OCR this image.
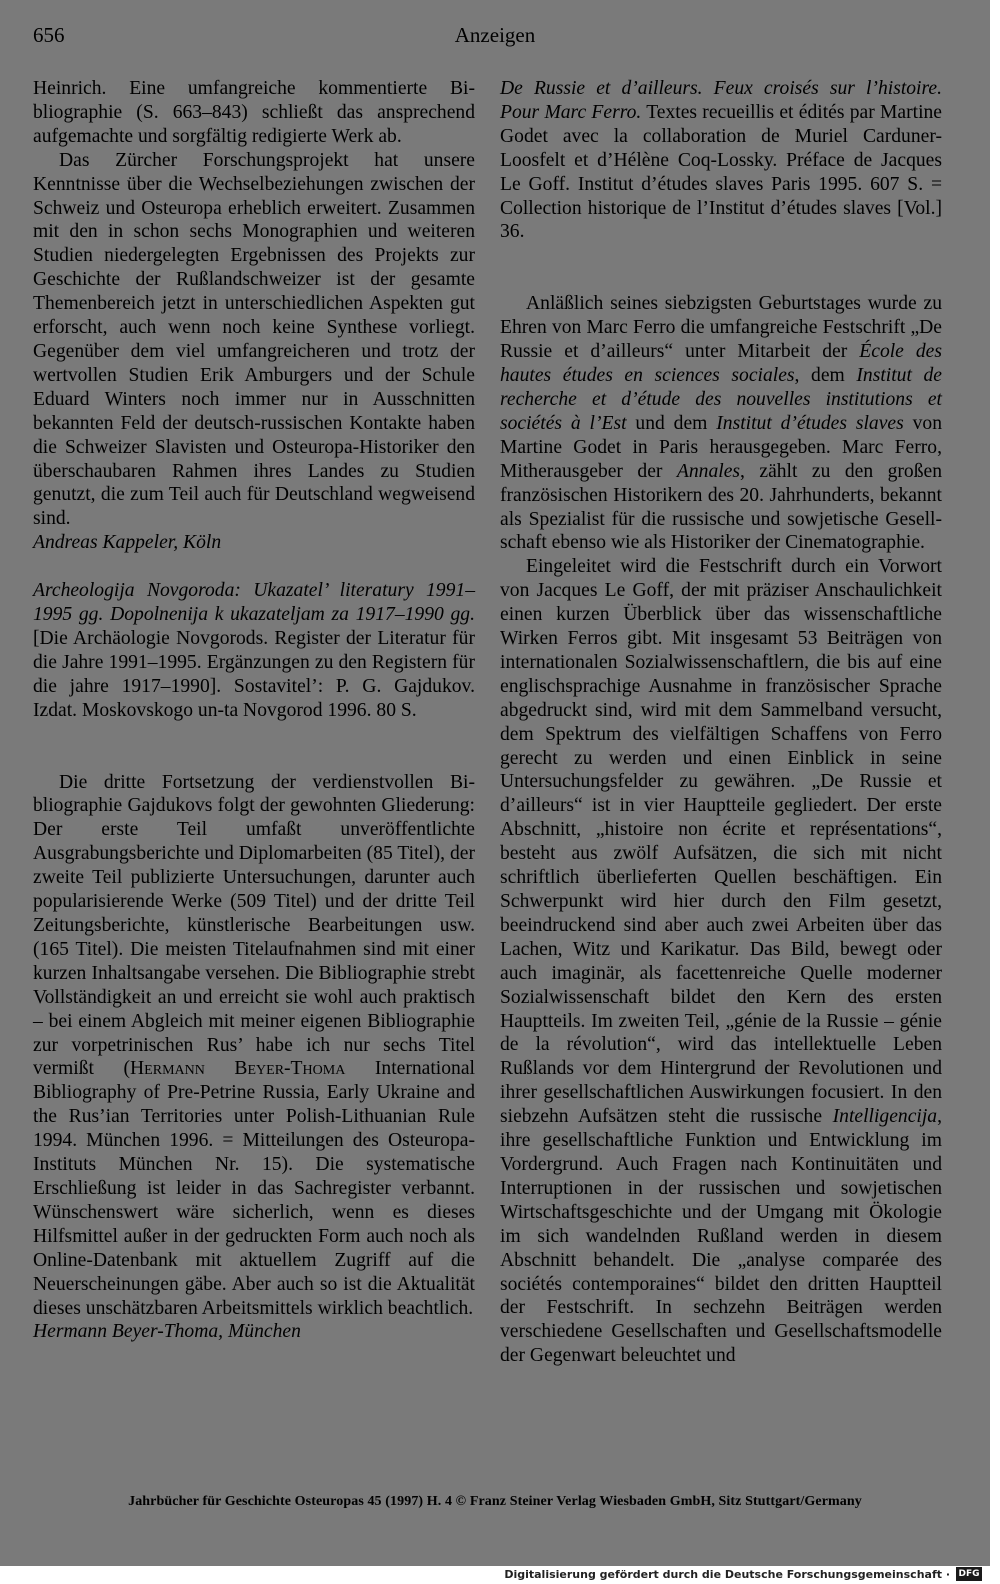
656	Anzeigen

Heinrich. Eine umfangreiche kommentierte Bibliographie (S. 663–843) schließt das ansprechend aufgemachte und sorgfältig redigierte Werk ab.

Das Zürcher Forschungsprojekt hat unsere Kenntnisse über die Wechselbeziehungen zwischen der Schweiz und Osteuropa erheblich erweitert. Zusammen mit den in schon sechs Monographien und weiteren Studien niedergelegten Ergebnissen des Projekts zur Geschichte der Rußlandschweizer ist der gesamte Themenbereich jetzt in unterschiedlichen Aspekten gut erforscht, auch wenn noch keine Synthese vorliegt. Gegenüber dem viel umfangreicheren und trotz der wertvollen Studien Erik Amburgers und der Schule Eduard Winters noch immer nur in Ausschnitten bekannten Feld der deutsch-russischen Kontakte haben die Schweizer Slavisten und Osteuropa-Historiker den überschaubaren Rahmen ihres Landes zu Studien genutzt, die zum Teil auch für Deutschland wegweisend sind.

Andreas Kappeler, Köln

Archeologija Novgoroda: Ukazatel’ literatury 1991–1995 gg. Dopolnenija k ukazateljam za 1917–1990 gg. [Die Archäologie Novgorods. Register der Literatur für die Jahre 1991–1995. Ergänzungen zu den Registern für die jahre 1917–1990]. Sostavitel’: P. G. Gajdukov. Izdat. Moskovskogo un-ta Novgorod 1996. 80 S.

Die dritte Fortsetzung der verdienstvollen Bibliographie Gajdukovs folgt der gewohnten Gliederung: Der erste Teil umfaßt unveröffentlichte Ausgrabungsberichte und Diplomarbeiten (85 Titel), der zweite Teil publizierte Untersuchungen, darunter auch popularisierende Werke (509 Titel) und der dritte Teil Zeitungsberichte, künstlerische Bearbeitungen usw. (165 Titel). Die meisten Titelaufnahmen sind mit einer kurzen Inhaltsangabe versehen. Die Bibliographie strebt Vollständigkeit an und erreicht sie wohl auch praktisch – bei einem Abgleich mit meiner eigenen Bibliographie zur vorpetrinischen Rus’ habe ich nur sechs Titel vermißt (Hermann Beyer-Thoma International Bibliography of Pre-Petrine Russia, Early Ukraine and the Rus’ian Territories unter Polish-Lithuanian Rule 1994. München 1996. = Mitteilungen des Osteuropa-Instituts München Nr. 15). Die systematische Erschließung ist leider in das Sachregister verbannt. Wünschenswert wäre sicherlich, wenn es dieses Hilfsmittel außer in der gedruckten Form auch noch als Online-Datenbank mit aktuellem Zugriff auf die Neuerscheinungen gäbe. Aber auch so ist die Aktualität dieses unschätzbaren Arbeitsmittels wirklich beachtlich.

Hermann Beyer-Thoma, München

De Russie et d’ailleurs. Feux croisés sur l’histoire. Pour Marc Ferro. Textes recueillis et édités par Martine Godet avec la collaboration de Muriel Carduner-Loosfelt et d’Hélène Coq-Lossky. Préface de Jacques Le Goff. Institut d’études slaves Paris 1995. 607 S. = Collection historique de l’Institut d’études slaves [Vol.] 36.

Anläßlich seines siebzigsten Geburtstages wurde zu Ehren von Marc Ferro die umfangreiche Festschrift „De Russie et d’ailleurs“ unter Mitarbeit der École des hautes études en sciences sociales, dem Institut de recherche et d’étude des nouvelles institutions et sociétés à l’Est und dem Institut d’études slaves von Martine Godet in Paris herausgegeben. Marc Ferro, Mitherausgeber der Annales, zählt zu den großen französischen Historikern des 20. Jahrhunderts, bekannt als Spezialist für die russische und sowjetische Gesellschaft ebenso wie als Historiker der Cinematographie.

Eingeleitet wird die Festschrift durch ein Vorwort von Jacques Le Goff, der mit präziser Anschaulichkeit einen kurzen Überblick über das wissenschaftliche Wirken Ferros gibt. Mit insgesamt 53 Beiträgen von internationalen Sozialwissenschaftlern, die bis auf eine englischsprachige Ausnahme in französischer Sprache abgedruckt sind, wird mit dem Sammelband versucht, dem Spektrum des vielfältigen Schaffens von Ferro gerecht zu werden und einen Einblick in seine Untersuchungsfelder zu gewähren. „De Russie et d’ailleurs“ ist in vier Hauptteile gegliedert. Der erste Abschnitt, „histoire non écrite et représentations“, besteht aus zwölf Aufsätzen, die sich mit nicht schriftlich überlieferten Quellen beschäftigen. Ein Schwerpunkt wird hier durch den Film gesetzt, beeindruckend sind aber auch zwei Arbeiten über das Lachen, Witz und Karikatur. Das Bild, bewegt oder auch imaginär, als facettenreiche Quelle moderner Sozialwissenschaft bildet den Kern des ersten Hauptteils. Im zweiten Teil, „génie de la Russie – génie de la révolution“, wird das intellektuelle Leben Rußlands vor dem Hintergrund der Revolutionen und ihrer gesellschaftlichen Auswirkungen focusiert. In den siebzehn Aufsätzen steht die russische Intelligencija, ihre gesellschaftliche Funktion und Entwicklung im Vordergrund. Auch Fragen nach Kontinuitäten und Interruptionen in der russischen und sowjetischen Wirtschaftsgeschichte und der Umgang mit Ökologie im sich wandelnden Rußland werden in diesem Abschnitt behandelt. Die „analyse comparée des sociétés contemporaines“ bildet den dritten Hauptteil der Festschrift. In sechzehn Beiträgen werden verschiedene Gesellschaften und Gesellschaftsmodelle der Gegenwart beleuchtet und

Jahrbücher für Geschichte Osteuropas 45 (1997) H. 4 © Franz Steiner Verlag Wiesbaden GmbH, Sitz Stuttgart/Germany
Digitalisierung gefördert durch die Deutsche Forschungsgemeinschaft · DFG
